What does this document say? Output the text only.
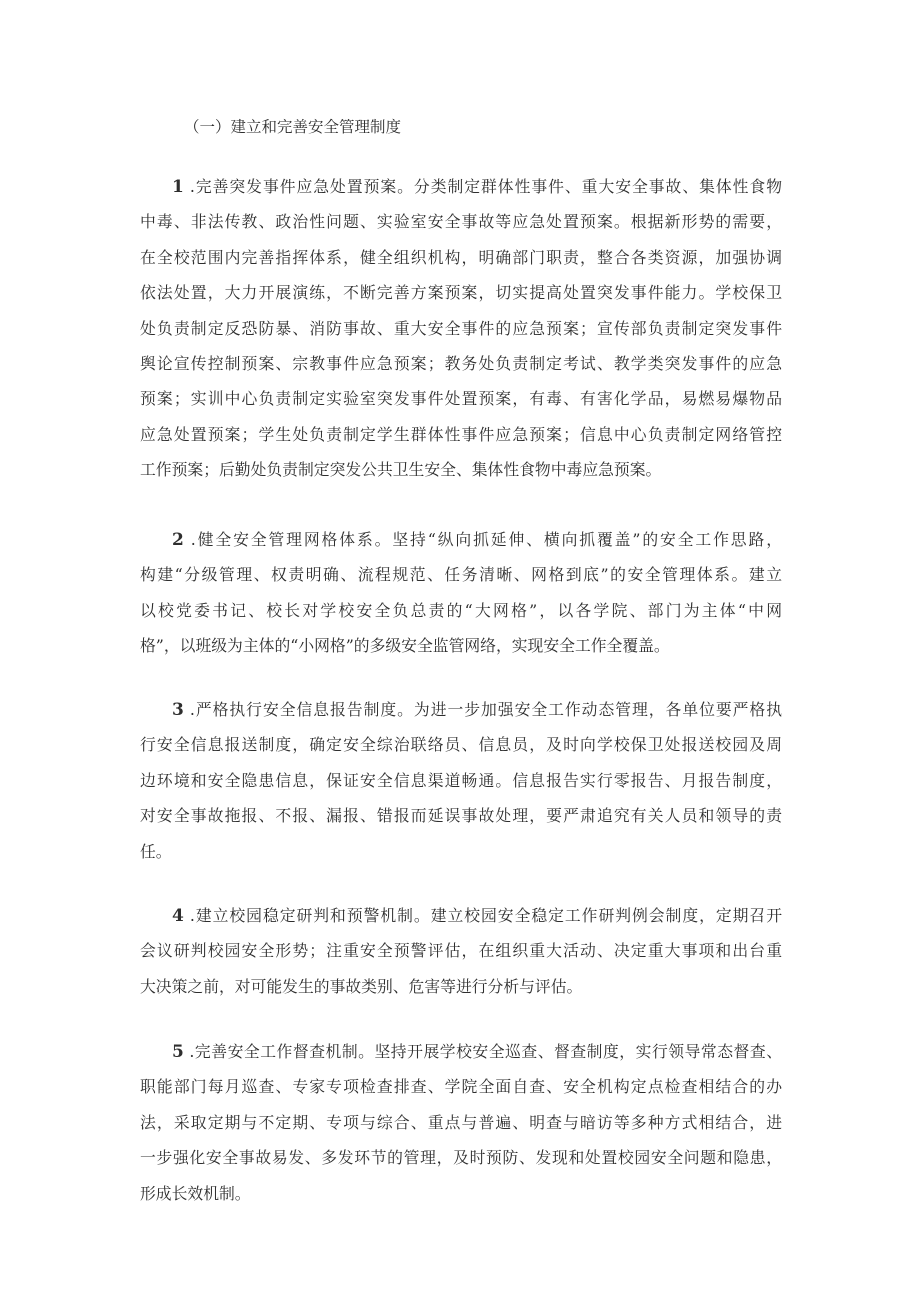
（一）建立和完善安全管理制度
1 .完善突发事件应急处置预案。分类制定群体性事件、重大安全事故、集体性食物
中毒、非法传教、政治性问题、实验室安全事故等应急处置预案。根据新形势的需要，
在全校范围内完善指挥体系，健全组织机构，明确部门职责，整合各类资源，加强协调
依法处置，大力开展演练，不断完善方案预案，切实提高处置突发事件能力。学校保卫
处负责制定反恐防暴、消防事故、重大安全事件的应急预案；宣传部负责制定突发事件
舆论宣传控制预案、宗教事件应急预案；教务处负责制定考试、教学类突发事件的应急
预案；实训中心负责制定实验室突发事件处置预案，有毒、有害化学品，易燃易爆物品
应急处置预案；学生处负责制定学生群体性事件应急预案；信息中心负责制定网络管控
工作预案；后勤处负责制定突发公共卫生安全、集体性食物中毒应急预案。
2 .健全安全管理网格体系。坚持“纵向抓延伸、横向抓覆盖”的安全工作思路，
构建“分级管理、权责明确、流程规范、任务清晰、网格到底”的安全管理体系。建立
以校党委书记、校长对学校安全负总责的“大网格”，以各学院、部门为主体“中网
格”，以班级为主体的“小网格”的多级安全监管网络，实现安全工作全覆盖。
3 .严格执行安全信息报告制度。为进一步加强安全工作动态管理，各单位要严格执
行安全信息报送制度，确定安全综治联络员、信息员，及时向学校保卫处报送校园及周
边环境和安全隐患信息，保证安全信息渠道畅通。信息报告实行零报告、月报告制度，
对安全事故拖报、不报、漏报、错报而延误事故处理，要严肃追究有关人员和领导的责
任。
4 .建立校园稳定研判和预警机制。建立校园安全稳定工作研判例会制度，定期召开
会议研判校园安全形势；注重安全预警评估，在组织重大活动、决定重大事项和出台重
大决策之前，对可能发生的事故类别、危害等进行分析与评估。
5 .完善安全工作督查机制。坚持开展学校安全巡查、督查制度，实行领导常态督查、
职能部门每月巡查、专家专项检查排查、学院全面自查、安全机构定点检查相结合的办
法，采取定期与不定期、专项与综合、重点与普遍、明查与暗访等多种方式相结合，进
一步强化安全事故易发、多发环节的管理，及时预防、发现和处置校园安全问题和隐患，
形成长效机制。
